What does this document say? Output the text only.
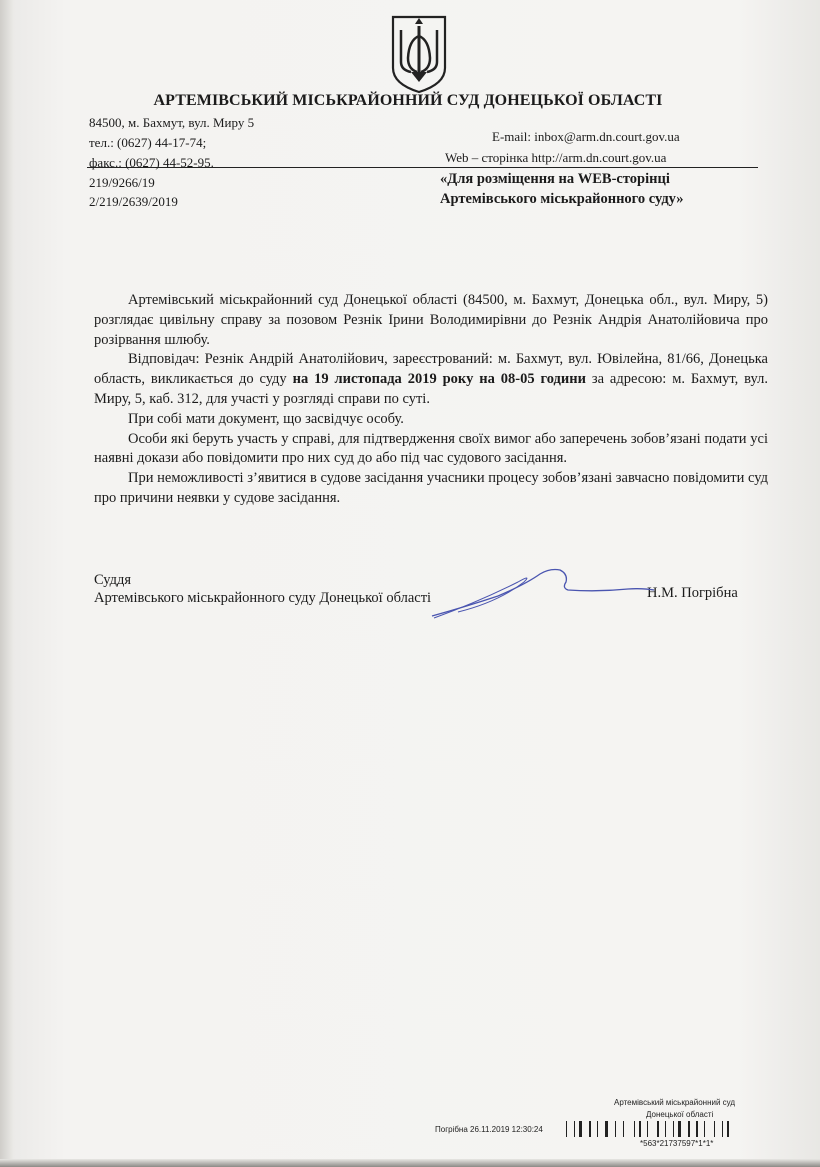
АРТЕМІВСЬКИЙ МІСЬКРАЙОННИЙ СУД ДОНЕЦЬКОЇ ОБЛАСТІ
84500, м. Бахмут, вул. Миру 5
тел.: (0627) 44-17-74;
факс.: (0627) 44-52-95.
E-mail: inbox@arm.dn.court.gov.ua
Web – сторінка http://arm.dn.court.gov.ua
219/9266/19
2/219/2639/2019
«Для розміщення на WEB-сторінці
Артемівського міськрайонного суду»

Артемівський міськрайонний суд Донецької області (84500, м. Бахмут, Донецька обл., вул. Миру, 5) розглядає цивільну справу за позовом Резнік Ірини Володимирівни до Резнік Андрія Анатолійовича про розірвання шлюбу.

Відповідач: Резнік Андрій Анатолійович, зареєстрований: м. Бахмут, вул. Ювілейна, 81/66, Донецька область, викликається до суду на 19 листопада 2019 року на 08-05 години за адресою: м. Бахмут, вул. Миру, 5, каб. 312, для участі у розгляді справи по суті.

При собі мати документ, що засвідчує особу.

Особи які беруть участь у справі, для підтвердження своїх вимог або заперечень зобов’язані подати усі наявні докази або повідомити про них суд до або під час судового засідання.

При неможливості з’явитися в судове засідання учасники процесу зобов’язані завчасно повідомити суд про причини неявки у судове засідання.

Суддя
Артемівського міськрайонного суду Донецької області	Н.М. Погрібна
Артемівський міськрайонний суд
Донецької області
Погрібна 26.11.2019 12:30:24
*563*21737597*1*1*
